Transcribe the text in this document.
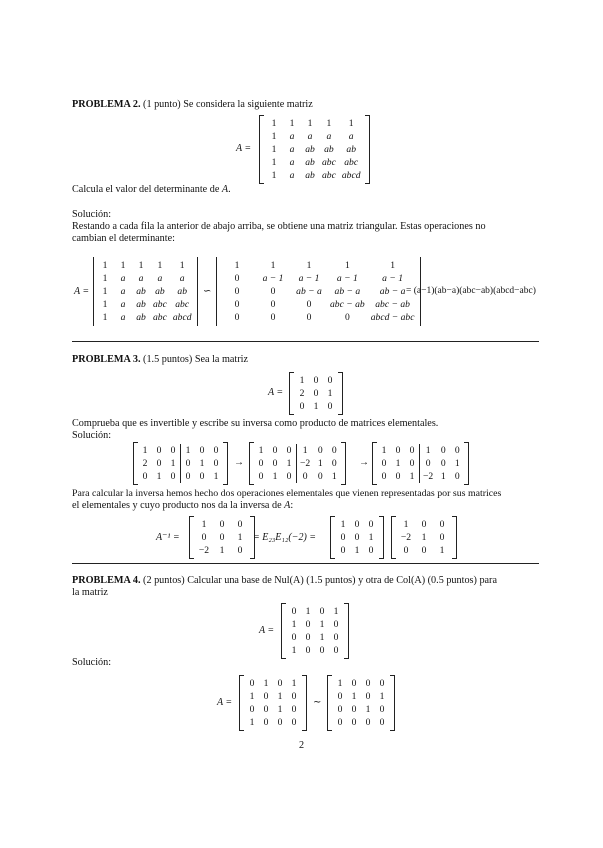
PROBLEMA 2. (1 punto) Se considera la siguiente matriz
A =
1	1	1	1	1
1	a	a	a	a
1	a	ab	ab	ab
1	a	ab	abc	abc
1	a	ab	abc	abcd
Calcula el valor del determinante de A.
Solución:
Restando a cada fila la anterior de abajo arriba, se obtiene una matriz triangular. Estas operaciones no
cambian el determinante:
A =
1	1	1	1	1
1	a	a	a	a
1	a	ab	ab	ab
1	a	ab	abc	abc
1	a	ab	abc	abcd
∽
1	1	1	1	1
0	a − 1	a − 1	a − 1	a − 1
0	0	ab − a	ab − a	ab − a
0	0	0	abc − ab	abc − ab
0	0	0	0	abcd − abc
= (a−1)(ab−a)(abc−ab)(abcd−abc)
PROBLEMA 3. (1.5 puntos) Sea la matriz
A =
1	0	0
2	0	1
0	1	0
Comprueba que es invertible y escribe su inversa como producto de matrices elementales.
Solución:
1	0	0		1	0	0
2	0	1		0	1	0
0	1	0		0	0	1
→
1	0	0		1	0	0
0	0	1		−2	1	0
0	1	0		0	0	1
→
1	0	0		1	0	0
0	1	0		0	0	1
0	0	1		−2	1	0
Para calcular la inversa hemos hecho dos operaciones elementales que vienen representadas por sus matrices
el elementales y cuyo producto nos da la inversa de A:
A⁻¹ =
1	0	0
0	0	1
−2	1	0
= E₂₃E₁₂(−2) =
1	0	0
0	0	1
0	1	0
1	0	0
−2	1	0
0	0	1
PROBLEMA 4. (2 puntos) Calcular una base de Nul(A) (1.5 puntos) y otra de Col(A) (0.5 puntos) para
la matriz
A =
0	1	0	1
1	0	1	0
0	0	1	0
1	0	0	0
Solución:
A =
0	1	0	1
1	0	1	0
0	0	1	0
1	0	0	0
∼
1	0	0	0
0	1	0	1
0	0	1	0
0	0	0	0
2
